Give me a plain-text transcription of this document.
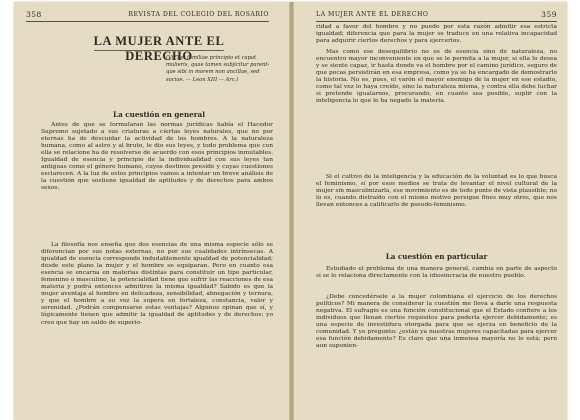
358	REVISTA DEL COLEGIO DEL ROSARIO
LA MUJER ANTE EL DERECHO
(Vir est familiae principio et capat mulieris, quae tamen subjicitur parent-que sibi in morem non ancillae, sed sociae. — Leon XIII — Arc.)
La cuestión en general

Antes de que se formularan las normas jurídicas había el Hacedor Supremo sujetado a sus criaturas a ciertas leyes naturales, que no por eternas ha de descuidar la actividad de los hombres. A la naturaleza humana, como al astro y al bruto, le dio sus leyes, y todo problema que con ella se relacione ha de resolverse de acuerdo con esos principios inmutables. Igualdad de esencia y principio de la individualidad con sus leyes tan antiguas como el género humano, cuyos destinos preside y cuyas cuestiones esclarecen. A la luz de estos principios vamos a intentar un breve análisis de la cuestión que sostiene igualdad de aptitudes y de derechos para ambos sexos.

La filosofía nos enseña que dos esencias de una misma especie sólo se diferencian por sus notas externas, no por sus cualidades intrínsecas. A igualdad de esencia corresponde indudablemente igualdad de potencialidad; desde este plano la mujer y el hombre se equiparan. Pero en cuanto esa esencia se encarna en materias distintas para constituir un tipo particular, femenino o masculino, la potencialidad tiene que sufrir las reacciones de esa materia y podrá entonces admitirse la misma igualdad? Sabido es que la mujer aventaja al hombre en delicadeza, sensibilidad, abnegación y ternura, y que el hombre a su vez la supera en fortaleza, constancia, valor y serenidad. ¿Podrán compensarse estas ventajas? Algunos opinan que sí, y lógicamente tienen que admitir la igualdad de aptitudes y de derechos; yo creo que hay un saldo de superio-

LA MUJER ANTE EL DERECHO	359

ridad a favor del hombre y no puedo por esta razón admitir esa estricta igualdad; diferencia que para la mujer se traduce en una relativa incapacidad para adquirir ciertos derechos y para ejercerlos.

Mas como ese desequilibrio no es de esencia sino de naturaleza, no encuentro mayor inconveniente en que se le permita a la mujer, si ella lo desea y se siente capaz, ir hasta donde va el hombre por el camino jurídico, seguro de que pocas persistirán en esa empresa, como ya se ha encargado de demostrarlo la historia. No es, pues, el varón el mayor enemigo de la mujer en ese estadio, como tal vez lo haya creído, sino la naturaleza misma, y contra ella debe luchar si pretende igualarnos, procurando, en cuanto sea posible, suplir con la inteligencia lo que le ha negado la materia.

Si el cultivo de la inteligencia y la educación de la voluntad es lo que busca el feminismo, sí por esos medios se trata de levantar el nivel cultural de la mujer sin masculinizarla, ese movimiento es de todo punto de vista plausible; no lo es, cuando distraído con el mismo motivo persigue fines muy otros, que nos llevan entonces a calificarlo de pseudo-feminismo.

La cuestión en particular

Estudiado el problema de una manera general, cambia en parte de aspecto si se lo relaciona directamente con la idiosincracia de nuestro pueblo.

¿Debe concedérsele a la mujer colombiana el ejercicio de los derechos políticos? Mi manera de considerar la cuestión me lleva a darle una respuesta negativa. El sufragio es una función constitucional que el Estado confiere a los individuos que llenan ciertos requisitos para poderla ejercer debidamente; es una especie de investidura otorgada para que se ejerza en beneficio de la comunidad. Y yo pregunto: ¿están ya nuestras mujeres capacitadas para ejercer esa función debidamente? Es claro que una inmensa mayoría no lo está; pero aun suponien-
